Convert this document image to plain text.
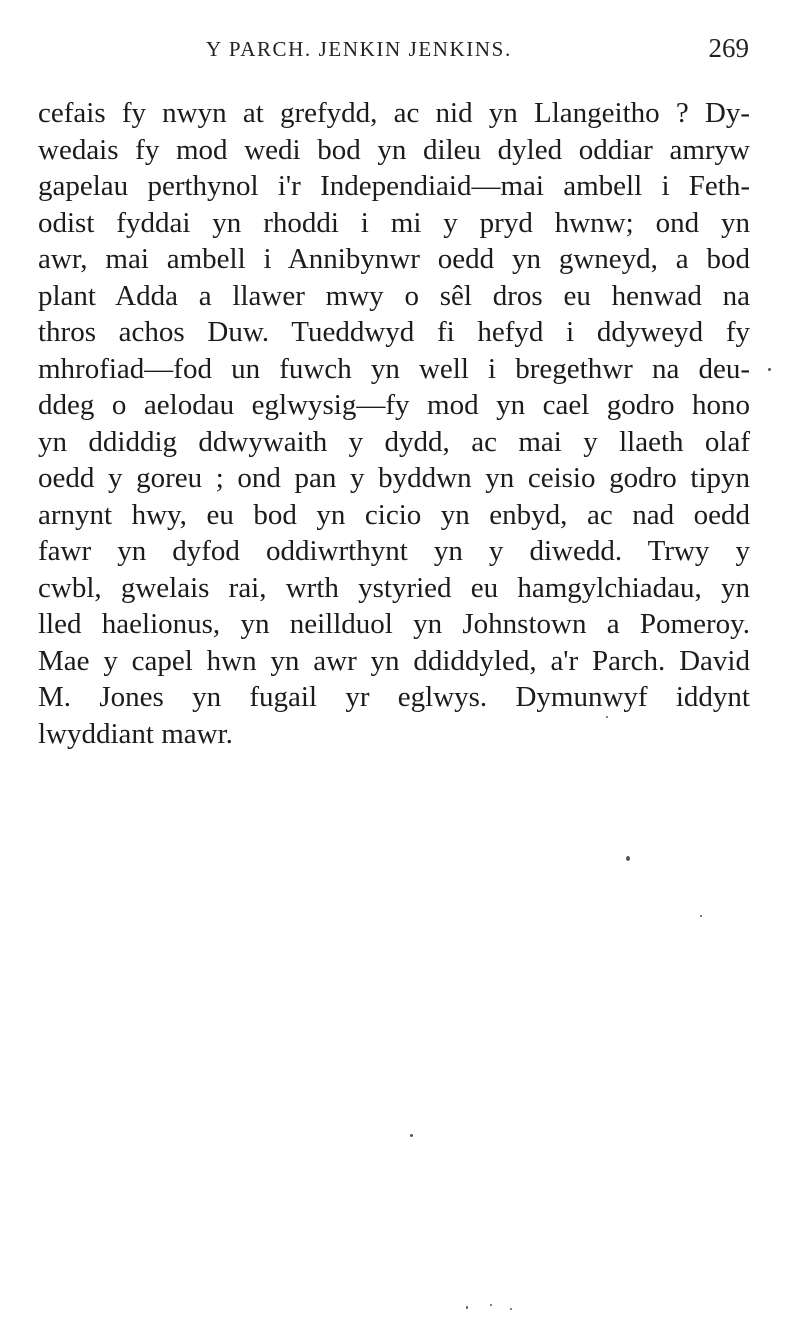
Y PARCH. JENKIN JENKINS.	269
cefais fy nwyn at grefydd, ac nid yn Llangeitho ? Dy-
wedais fy mod wedi bod yn dileu dyled oddiar amryw
gapelau perthynol i'r Independiaid—mai ambell i Feth-
odist fyddai yn rhoddi i mi y pryd hwnw; ond yn
awr, mai ambell i Annibynwr oedd yn gwneyd, a bod
plant Adda a llawer mwy o sêl dros eu henwad na
thros achos Duw. Tueddwyd fi hefyd i ddyweyd fy
mhrofiad—fod un fuwch yn well i bregethwr na deu-
ddeg o aelodau eglwysig—fy mod yn cael godro hono
yn ddiddig ddwywaith y dydd, ac mai y llaeth olaf
oedd y goreu ; ond pan y byddwn yn ceisio godro tipyn
arnynt hwy, eu bod yn cicio yn enbyd, ac nad oedd
fawr yn dyfod oddiwrthynt yn y diwedd. Trwy y
cwbl, gwelais rai, wrth ystyried eu hamgylchiadau, yn
lled haelionus, yn neillduol yn Johnstown a Pomeroy.
Mae y capel hwn yn awr yn ddiddyled, a'r Parch. David
M. Jones yn fugail yr eglwys. Dymunwyf iddynt
lwyddiant mawr.
